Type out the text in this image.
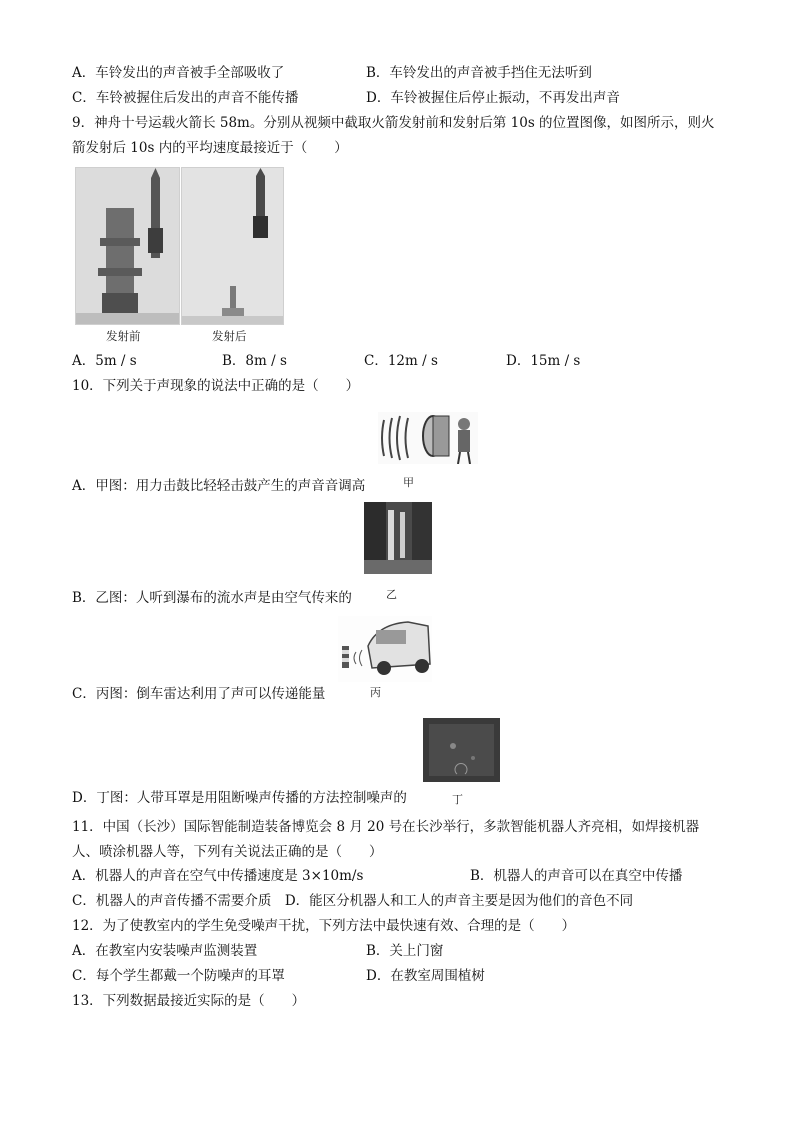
A．车铃发出的声音被手全部吸收了	B．车铃发出的声音被手挡住无法听到
C．车铃被握住后发出的声音不能传播	D．车铃被握住后停止振动，不再发出声音
9．神舟十号运载火箭长 58m。分别从视频中截取火箭发射前和发射后第 10s 的位置图像，如图所示，则火
箭发射后 10s 内的平均速度最接近于（　　）
发射前	发射后
A．5m / s	B．8m / s	C．12m / s	D．15m / s
10．下列关于声现象的说法中正确的是（　　）
甲
A．甲图：用力击鼓比轻轻击鼓产生的声音音调高
乙
B．乙图：人听到瀑布的流水声是由空气传来的
丙
C．丙图：倒车雷达利用了声可以传递能量
丁
D．丁图：人带耳罩是用阻断噪声传播的方法控制噪声的
11．中国（长沙）国际智能制造装备博览会 8 月 20 号在长沙举行，多款智能机器人齐亮相，如焊接机器
人、喷涂机器人等，下列有关说法正确的是（　　）
A．机器人的声音在空气中传播速度是 3×10m/s	B．机器人的声音可以在真空中传播
C．机器人的声音传播不需要介质　D．能区分机器人和工人的声音主要是因为他们的音色不同
12．为了使教室内的学生免受噪声干扰，下列方法中最快速有效、合理的是（　　）
A．在教室内安装噪声监测装置	B．关上门窗
C．每个学生都戴一个防噪声的耳罩	D．在教室周围植树
13．下列数据最接近实际的是（　　）
